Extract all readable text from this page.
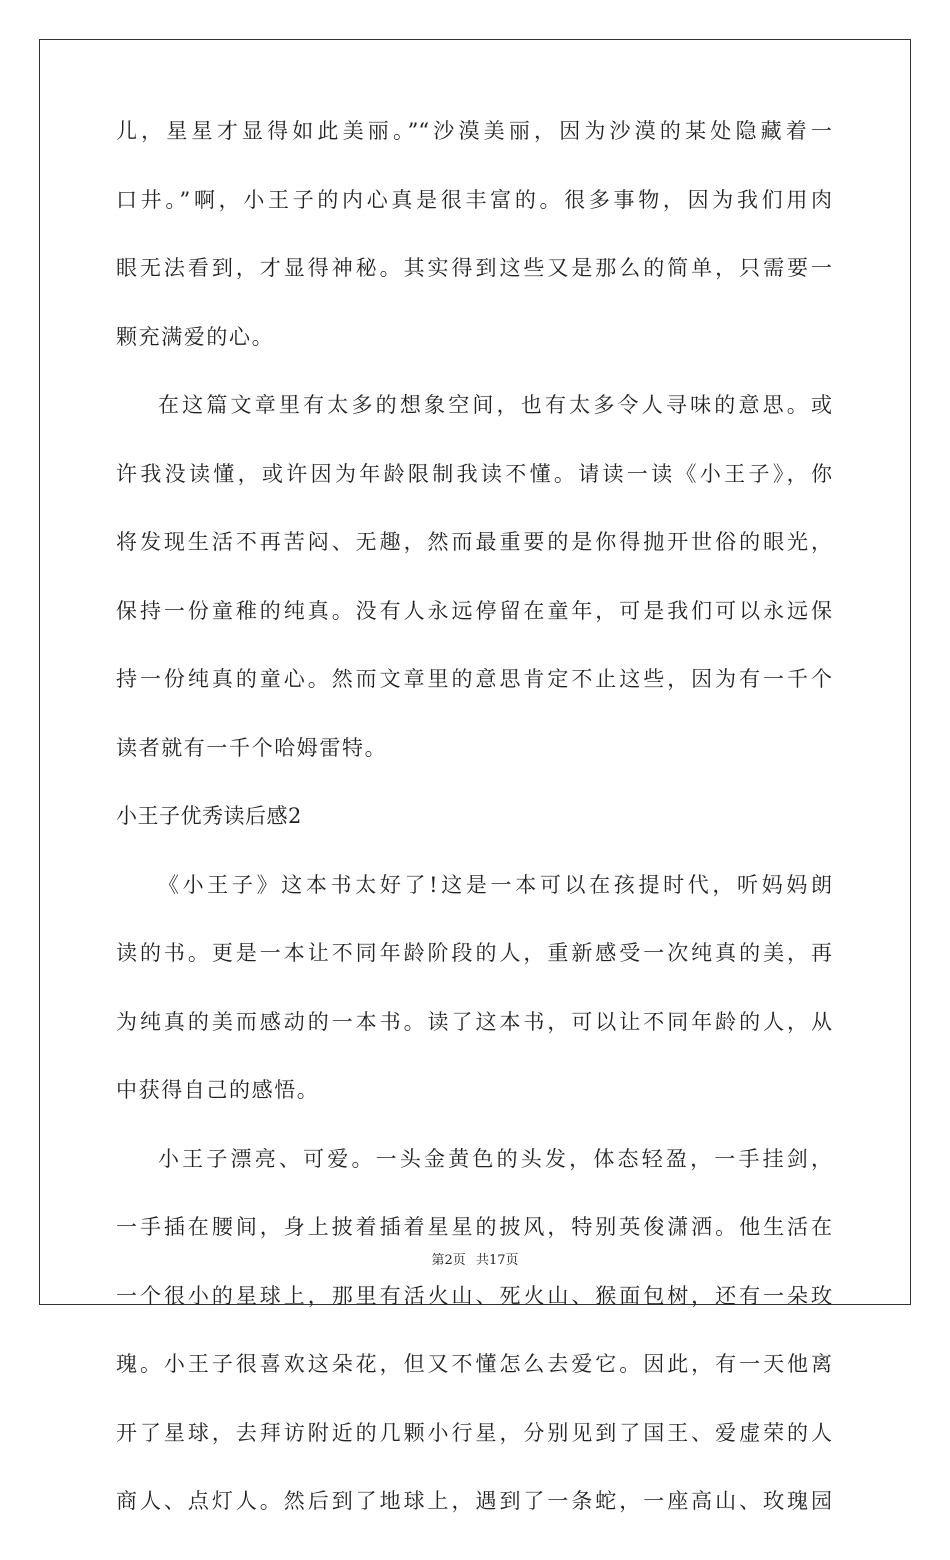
儿，星星才显得如此美丽。”“沙漠美丽，因为沙漠的某处隐藏着一
口井。”啊，小王子的内心真是很丰富的。很多事物，因为我们用肉
眼无法看到，才显得神秘。其实得到这些又是那么的简单，只需要一
颗充满爱的心。
在这篇文章里有太多的想象空间，也有太多令人寻味的意思。或
许我没读懂，或许因为年龄限制我读不懂。请读一读《小王子》，你
将发现生活不再苦闷、无趣，然而最重要的是你得抛开世俗的眼光，
保持一份童稚的纯真。没有人永远停留在童年，可是我们可以永远保
持一份纯真的童心。然而文章里的意思肯定不止这些，因为有一千个
读者就有一千个哈姆雷特。
小王子优秀读后感2
《小王子》这本书太好了!这是一本可以在孩提时代，听妈妈朗
读的书。更是一本让不同年龄阶段的人，重新感受一次纯真的美，再
为纯真的美而感动的一本书。读了这本书，可以让不同年龄的人，从
中获得自己的感悟。
小王子漂亮、可爱。一头金黄色的头发，体态轻盈，一手挂剑，
一手插在腰间，身上披着插着星星的披风，特别英俊潇洒。他生活在
一个很小的星球上，那里有活火山、死火山、猴面包树，还有一朵玫
瑰。小王子很喜欢这朵花，但又不懂怎么去爱它。因此，有一天他离
开了星球，去拜访附近的几颗小行星，分别见到了国王、爱虚荣的人
商人、点灯人。然后到了地球上，遇到了一条蛇，一座高山、玫瑰园
第2页 共17页
